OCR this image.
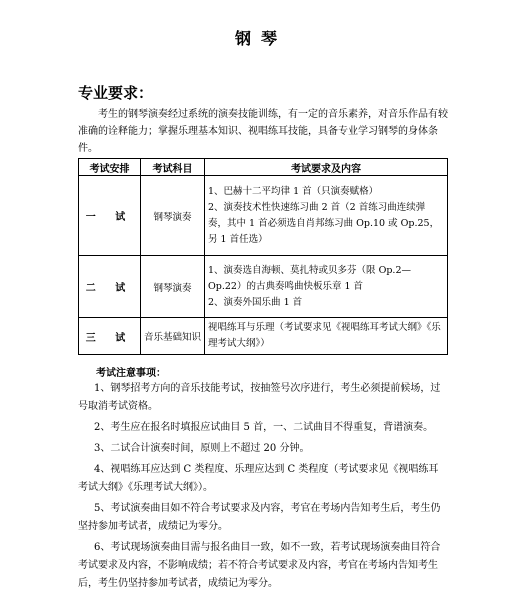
钢琴
专业要求：
考生的钢琴演奏经过系统的演奏技能训练，有一定的音乐素养，对音乐作品有较准确的诠释能力；掌握乐理基本知识、视唱练耳技能，具备专业学习钢琴的身体条件。
考试安排	考试科目	考试要求及内容
一 试	钢琴演奏	1、巴赫十二平均律 1 首（只演奏赋格）
2、演奏技术性快速练习曲 2 首（2 首练习曲连续弹奏，其中 1 首必须选自肖邦练习曲 Op.10 或 Op.25，另 1 首任选）

二 试	钢琴演奏	1、演奏选自海顿、莫扎特或贝多芬（限 Op.2—Op.22）的古典奏鸣曲快板乐章 1 首
2、演奏外国乐曲 1 首

三 试	音乐基础知识	视唱练耳与乐理（考试要求见《视唱练耳考试大纲》《乐理考试大纲》）
考试注意事项：

1、钢琴招考方向的音乐技能考试，按抽签号次序进行，考生必须提前候场，过号取消考试资格。

2、考生应在报名时填报应试曲目 5 首，一、二试曲目不得重复，背谱演奏。

3、二试合计演奏时间，原则上不超过 20 分钟。

4、视唱练耳应达到 C 类程度、乐理应达到 C 类程度（考试要求见《视唱练耳考试大纲》《乐理考试大纲》）。

5、考试演奏曲目如不符合考试要求及内容，考官在考场内告知考生后，考生仍坚持参加考试者，成绩记为零分。

6、考试现场演奏曲目需与报名曲目一致，如不一致，若考试现场演奏曲目符合考试要求及内容，不影响成绩；若不符合考试要求及内容，考官在考场内告知考生后，考生仍坚持参加考试者，成绩记为零分。
